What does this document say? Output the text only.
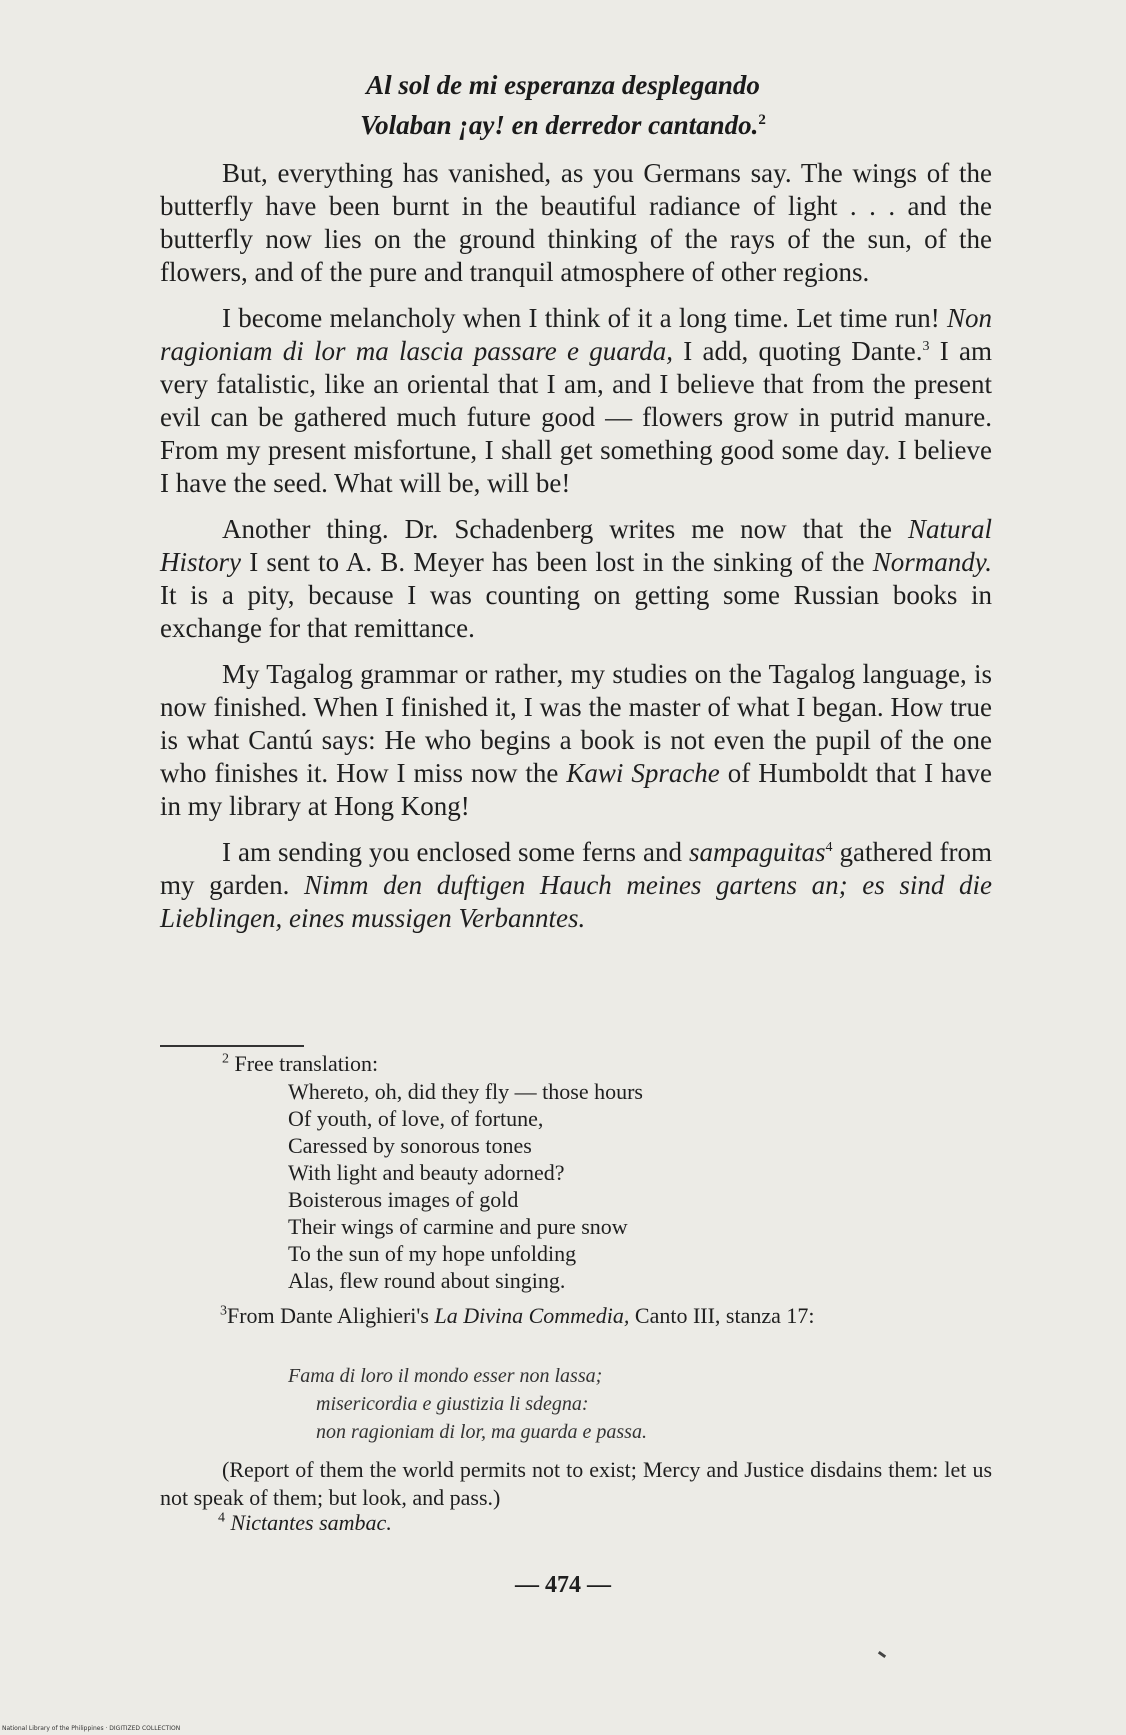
Al sol de mi esperanza desplegando
Volaban ¡ay! en derredor cantando.$^2$

But, everything has vanished, as you Germans say. The wings of the butterfly have been burnt in the beautiful radiance of light . . . and the butterfly now lies on the ground thinking of the rays of the sun, of the flowers, and of the pure and tranquil atmosphere of other regions.

I become melancholy when I think of it a long time. Let time run! Non ragioniam di lor ma lascia passare e guarda, I add, quoting Dante.$^3$ I am very fatalistic, like an oriental that I am, and I believe that from the present evil can be gathered much future good — flowers grow in putrid manure. From my present misfortune, I shall get something good some day. I believe I have the seed. What will be, will be!

Another thing. Dr. Schadenberg writes me now that the Natural History I sent to A. B. Meyer has been lost in the sinking of the Normandy. It is a pity, because I was counting on getting some Russian books in exchange for that remittance.

My Tagalog grammar or rather, my studies on the Tagalog language, is now finished. When I finished it, I was the master of what I began. How true is what Cantú says: He who begins a book is not even the pupil of the one who finishes it. How I miss now the Kawi Sprache of Humboldt that I have in my library at Hong Kong!

I am sending you enclosed some ferns and sampaguitas$^4$ gathered from my garden. Nimm den duftigen Hauch meines gartens an; es sind die Lieblingen, eines mussigen Verbanntes.

$^2$ Free translation:
Whereto, oh, did they fly — those hours
Of youth, of love, of fortune,
Caressed by sonorous tones
With light and beauty adorned?
Boisterous images of gold
Their wings of carmine and pure snow
To the sun of my hope unfolding
Alas, flew round about singing.
$^3$From Dante Alighieri's La Divina Commedia, Canto III, stanza 17:
Fama di loro il mondo esser non lassa;
misericordia e giustizia li sdegna:
non ragioniam di lor, ma guarda e passa.
(Report of them the world permits not to exist; Mercy and Justice disdains them: let us not speak of them; but look, and pass.)
$^4$ Nictantes sambac.
— 474 —
National Library of the Philippines · DIGITIZED COLLECTION
